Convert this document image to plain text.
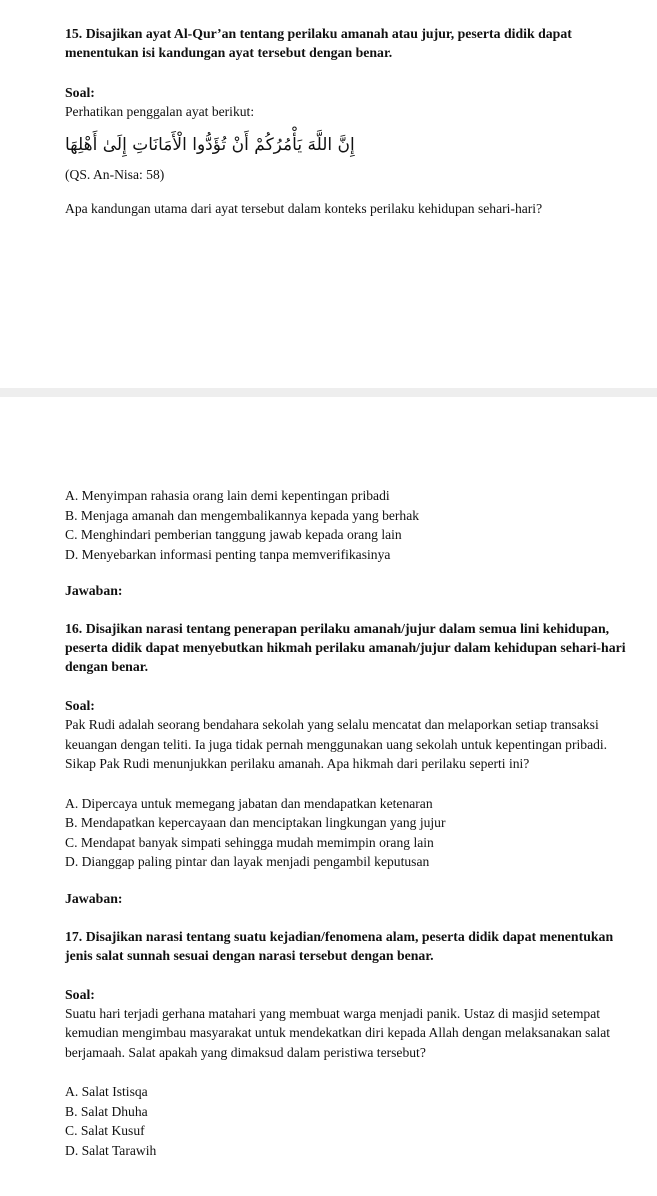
15. Disajikan ayat Al-Qur’an tentang perilaku amanah atau jujur, peserta didik dapat menentukan isi kandungan ayat tersebut dengan benar.

Soal:

Perhatikan penggalan ayat berikut:

إِنَّ اللَّهَ يَأْمُرُكُمْ أَنْ تُؤَدُّوا الْأَمَانَاتِ إِلَىٰ أَهْلِهَا

(QS. An-Nisa: 58)

Apa kandungan utama dari ayat tersebut dalam konteks perilaku kehidupan sehari-hari?

A. Menyimpan rahasia orang lain demi kepentingan pribadi
B. Menjaga amanah dan mengembalikannya kepada yang berhak
C. Menghindari pemberian tanggung jawab kepada orang lain
D. Menyebarkan informasi penting tanpa memverifikasinya

Jawaban:

16. Disajikan narasi tentang penerapan perilaku amanah/jujur dalam semua lini kehidupan, peserta didik dapat menyebutkan hikmah perilaku amanah/jujur dalam kehidupan sehari-hari dengan benar.

Soal:

Pak Rudi adalah seorang bendahara sekolah yang selalu mencatat dan melaporkan setiap transaksi keuangan dengan teliti. Ia juga tidak pernah menggunakan uang sekolah untuk kepentingan pribadi. Sikap Pak Rudi menunjukkan perilaku amanah. Apa hikmah dari perilaku seperti ini?

A. Dipercaya untuk memegang jabatan dan mendapatkan ketenaran
B. Mendapatkan kepercayaan dan menciptakan lingkungan yang jujur
C. Mendapat banyak simpati sehingga mudah memimpin orang lain
D. Dianggap paling pintar dan layak menjadi pengambil keputusan

Jawaban:

17. Disajikan narasi tentang suatu kejadian/fenomena alam, peserta didik dapat menentukan jenis salat sunnah sesuai dengan narasi tersebut dengan benar.

Soal:

Suatu hari terjadi gerhana matahari yang membuat warga menjadi panik. Ustaz di masjid setempat kemudian mengimbau masyarakat untuk mendekatkan diri kepada Allah dengan melaksanakan salat berjamaah. Salat apakah yang dimaksud dalam peristiwa tersebut?

A. Salat Istisqa
B. Salat Dhuha
C. Salat Kusuf
D. Salat Tarawih
